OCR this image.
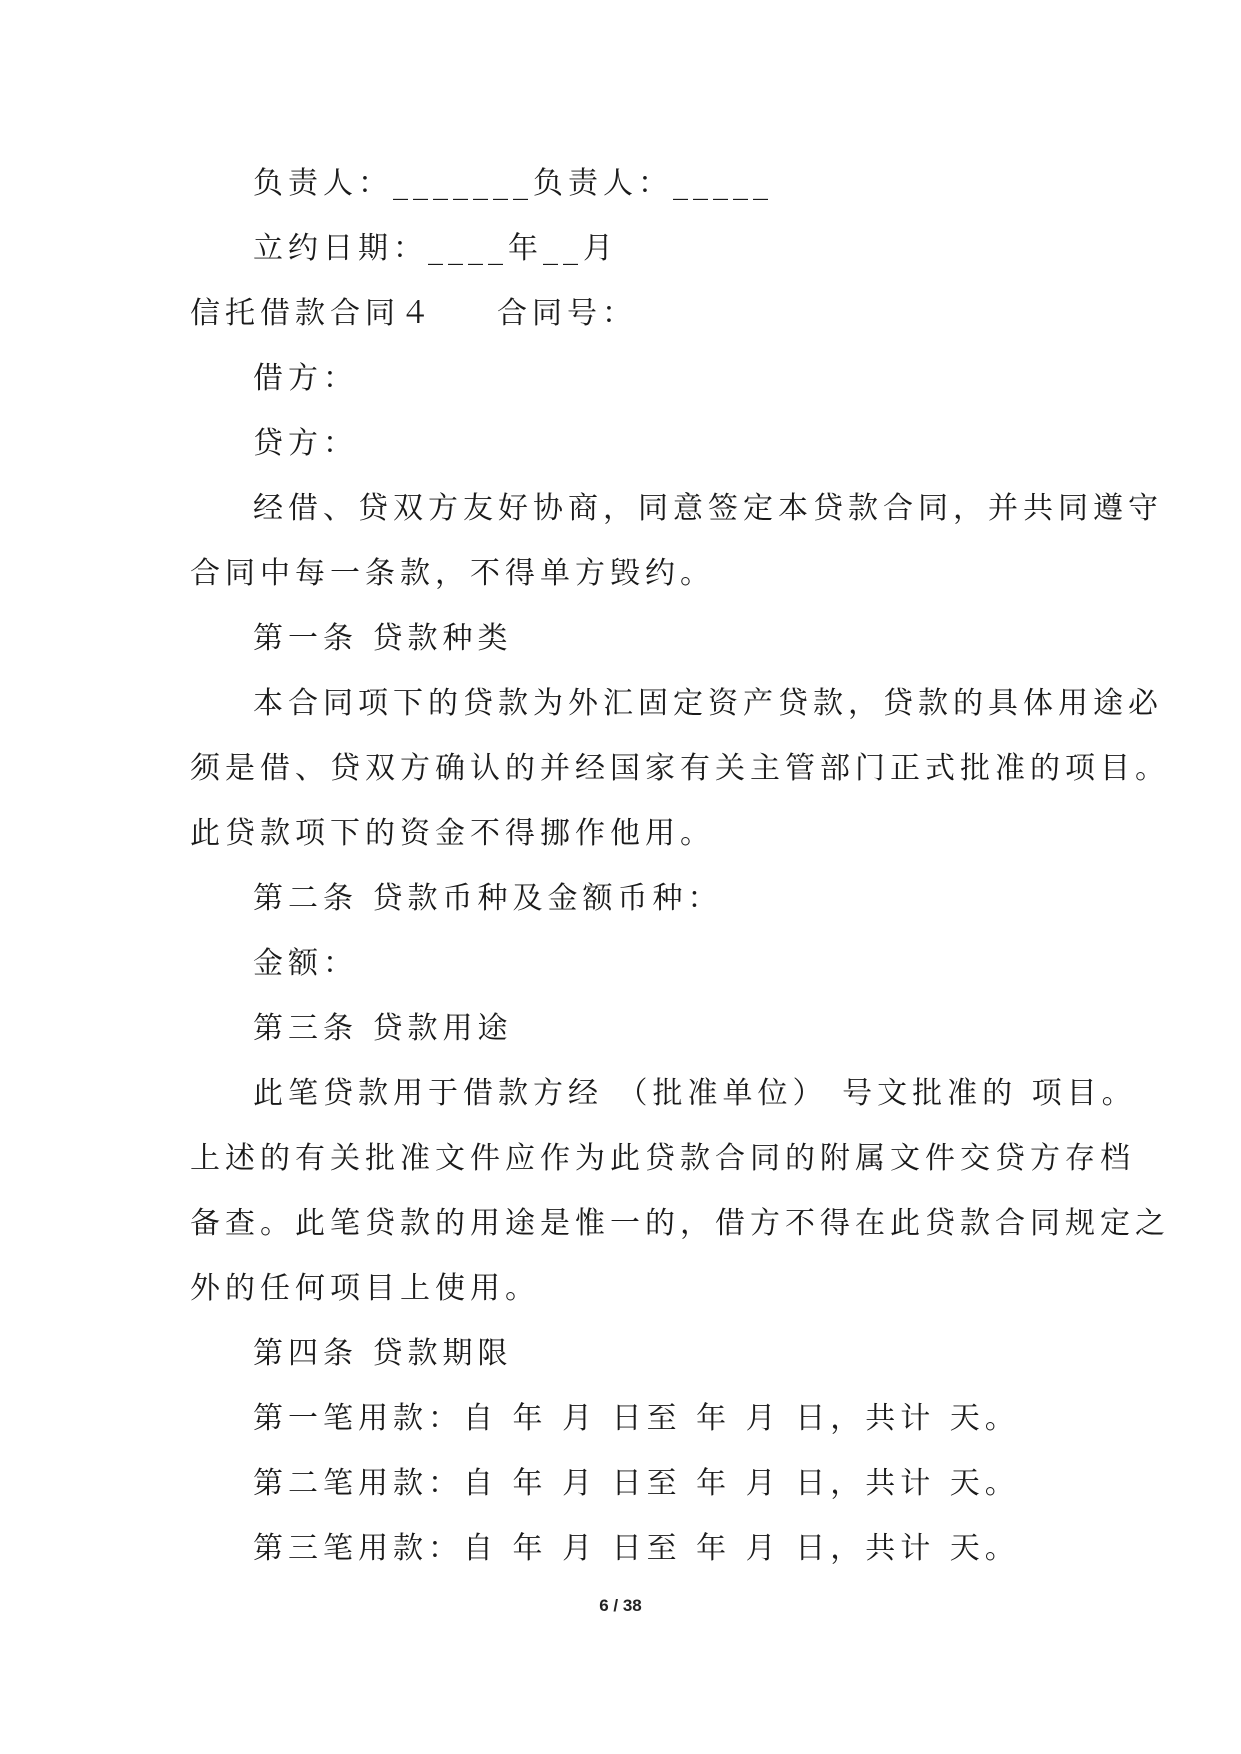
负责人：_______负责人：_____
立约日期：____年__月
信托借款合同４ 合同号：
借方：
贷方：
经借、贷双方友好协商，同意签定本贷款合同，并共同遵守
合同中每一条款，不得单方毁约。
第一条 贷款种类
本合同项下的贷款为外汇固定资产贷款，贷款的具体用途必
须是借、贷双方确认的并经国家有关主管部门正式批准的项目。
此贷款项下的资金不得挪作他用。
第二条 贷款币种及金额币种：
金额：
第三条 贷款用途
此笔贷款用于借款方经 （批准单位） 号文批准的 项目。
上述的有关批准文件应作为此贷款合同的附属文件交贷方存档
备查。此笔贷款的用途是惟一的，借方不得在此贷款合同规定之
外的任何项目上使用。
第四条 贷款期限
第一笔用款：自 年 月 日至 年 月 日，共计 天。
第二笔用款：自 年 月 日至 年 月 日，共计 天。
第三笔用款：自 年 月 日至 年 月 日，共计 天。
6 / 38
